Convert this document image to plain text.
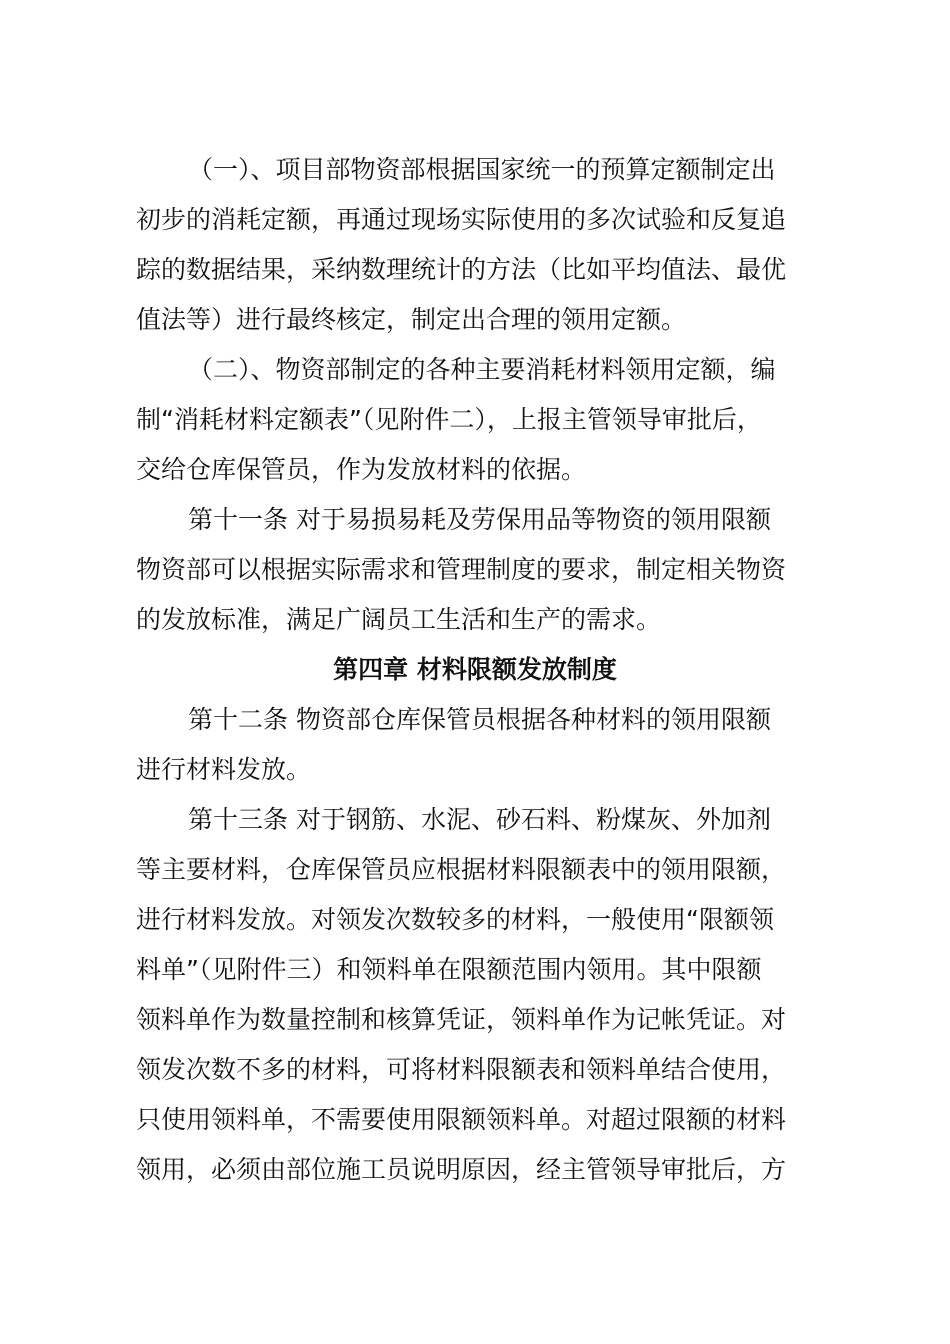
（一）、项目部物资部根据国家统一的预算定额制定出
初步的消耗定额，再通过现场实际使用的多次试验和反复追
踪的数据结果，采纳数理统计的方法（比如平均值法、最优
值法等）进行最终核定，制定出合理的领用定额。
（二）、物资部制定的各种主要消耗材料领用定额，编
制“消耗材料定额表”（见附件二），上报主管领导审批后，
交给仓库保管员，作为发放材料的依据。
第十一条 对于易损易耗及劳保用品等物资的领用限额
物资部可以根据实际需求和管理制度的要求，制定相关物资
的发放标准，满足广阔员工生活和生产的需求。
第四章 材料限额发放制度
第十二条 物资部仓库保管员根据各种材料的领用限额
进行材料发放。
第十三条 对于钢筋、水泥、砂石料、粉煤灰、外加剂
等主要材料，仓库保管员应根据材料限额表中的领用限额，
进行材料发放。对领发次数较多的材料，一般使用“限额领
料单”（见附件三）和领料单在限额范围内领用。其中限额
领料单作为数量控制和核算凭证，领料单作为记帐凭证。对
领发次数不多的材料，可将材料限额表和领料单结合使用，
只使用领料单，不需要使用限额领料单。对超过限额的材料
领用，必须由部位施工员说明原因，经主管领导审批后，方
